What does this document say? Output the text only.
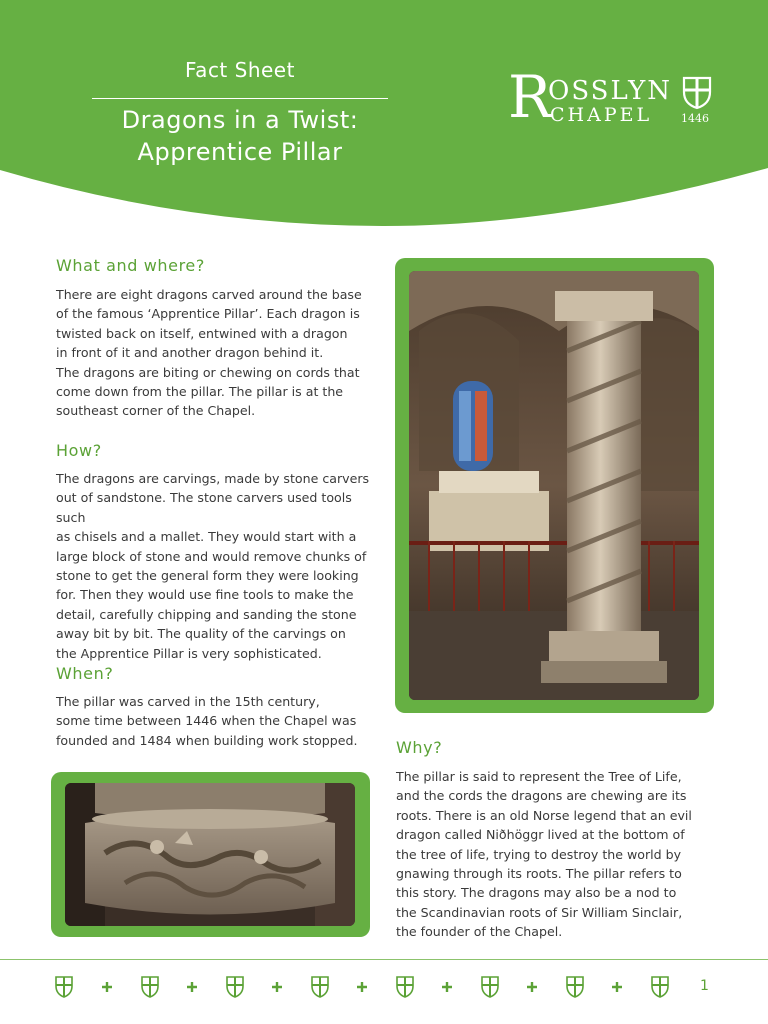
Fact Sheet
Dragons in a Twist:
Apprentice Pillar
R
OSSLYN
CHAPEL	1446
What and where?
There are eight dragons carved around the base
of the famous ‘Apprentice Pillar’. Each dragon is
twisted back on itself, entwined with a dragon
in front of it and another dragon behind it.
The dragons are biting or chewing on cords that
come down from the pillar. The pillar is at the
southeast corner of the Chapel.
How?
The dragons are carvings, made by stone carvers
out of sandstone. The stone carvers used tools such
as chisels and a mallet. They would start with a
large block of stone and would remove chunks of
stone to get the general form they were looking
for. Then they would use fine tools to make the
detail, carefully chipping and sanding the stone
away bit by bit. The quality of the carvings on
the Apprentice Pillar is very sophisticated.
When?
The pillar was carved in the 15th century,
some time between 1446 when the Chapel was
founded and 1484 when building work stopped.	Why?
The pillar is said to represent the Tree of Life,
and the cords the dragons are chewing are its
roots. There is an old Norse legend that an evil
dragon called Niðhöggr lived at the bottom of
the tree of life, trying to destroy the world by
gnawing through its roots. The pillar refers to
this story. The dragons may also be a nod to
the Scandinavian roots of Sir William Sinclair,
the founder of the Chapel.
1
